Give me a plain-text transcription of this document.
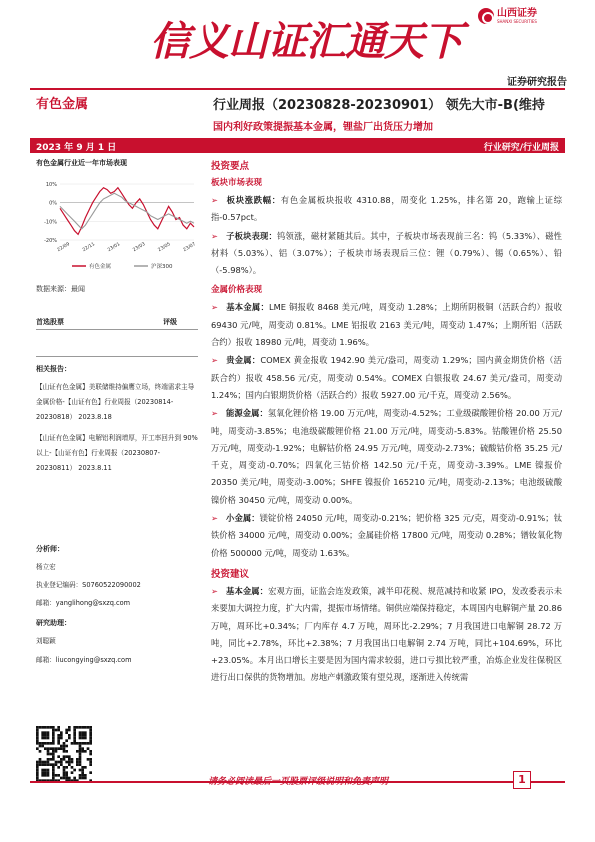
信义山证汇通天下
山西证券
SHANXI SECURITIES
证券研究报告
有色金属	行业周报（20230828-20230901） 领先大市-B(维持
国内利好政策提振基本金属，锂盐厂出货压力增加
2023 年 9 月 1 日	行业研究/行业周报
有色金属行业近一年市场表现
10%
0%
-10%
-20%
22/09 22/11 23/01 23/03 23/05 23/07
有色金属	沪深300
数据来源：最闻
首选股票	评级
相关报告：
【山证有色金属】美联储维持偏鹰立场，终端需求主导金属价格-【山证有色】行业周报（20230814-20230818） 2023.8.18
【山证有色金属】电解铝利润增厚，开工率回升到 90%以上-【山证有色】行业周报（20230807-20230811） 2023.8.11
分析师：
杨立宏
执业登记编码：S0760522090002
邮箱：yanglihong@sxzq.com
研究助理：
刘聪颖
邮箱：liucongying@sxzq.com
投资要点
板块市场表现
➢ 板块涨跌幅：有色金属板块报收 4310.88，周变化 1.25%，排名第 20，跑输上证综指-0.57pct。
➢ 子板块表现：钨领涨，磁材紧随其后。其中，子板块市场表现前三名：钨（5.33%）、磁性材料（5.03%）、铝（3.07%）；子板块市场表现后三位：锂（0.79%）、锡（0.65%）、铅（-5.98%）。
金属价格表现
➢ 基本金属：LME 铜报收 8468 美元/吨，周变动 1.28%；上期所阴极铜（活跃合约）报收 69430 元/吨，周变动 0.81%。LME 铝报收 2163 美元/吨，周变动 1.47%；上期所铝（活跃合约）报收 18980 元/吨，周变动 1.96%。
➢ 贵金属：COMEX 黄金报收 1942.90 美元/盎司，周变动 1.29%；国内黄金期货价格（活跃合约）报收 458.56 元/克，周变动 0.54%。COMEX 白银报收 24.67 美元/盎司，周变动 1.24%；国内白银期货价格（活跃合约）报收 5927.00 元/千克，周变动 2.56%。
➢ 能源金属：氢氧化锂价格 19.00 万元/吨，周变动-4.52%；工业级碳酸锂价格 20.00 万元/吨，周变动-3.85%；电池级碳酸锂价格 21.00 万元/吨，周变动-5.83%。钴酸锂价格 25.50 万元/吨，周变动-1.92%；电解钴价格 24.95 万元/吨，周变动-2.73%；硫酸钴价格 35.25 元/千克，周变动-0.70%；四氧化三钴价格 142.50 元/千克，周变动-3.39%。LME 镍报价 20350 美元/吨，周变动-3.00%；SHFE 镍报价 165210 元/吨，周变动-2.13%；电池级硫酸镍价格 30450 元/吨，周变动 0.00%。
➢ 小金属：镁锭价格 24050 元/吨，周变动-0.21%；钯价格 325 元/克，周变动-0.91%；钛铁价格 34000 元/吨，周变动 0.00%；金属硅价格 17800 元/吨，周变动 0.28%；镨钕氧化物价格 500000 元/吨，周变动 1.63%。
投资建议
➢ 基本金属：宏观方面，证监会连发政策，减半印花税、规范减持和收紧 IPO，发改委表示未来要加大调控力度，扩大内需，提振市场情绪。铜供应端保持稳定，本周国内电解铜产量 20.86 万吨，周环比+0.34%；厂内库存 4.7 万吨，周环比-2.29%；7 月我国进口电解铜 28.72 万吨，同比+2.78%，环比+2.38%；7 月我国出口电解铜 2.74 万吨，同比+104.69%，环比+23.05%。本月出口增长主要是因为国内需求较弱，进口亏损比较严重，冶炼企业发往保税区进行出口保供的货物增加。房地产刺激政策有望兑现，逐渐进入传统需
请务必阅读最后一页股票评级说明和免责声明	1
